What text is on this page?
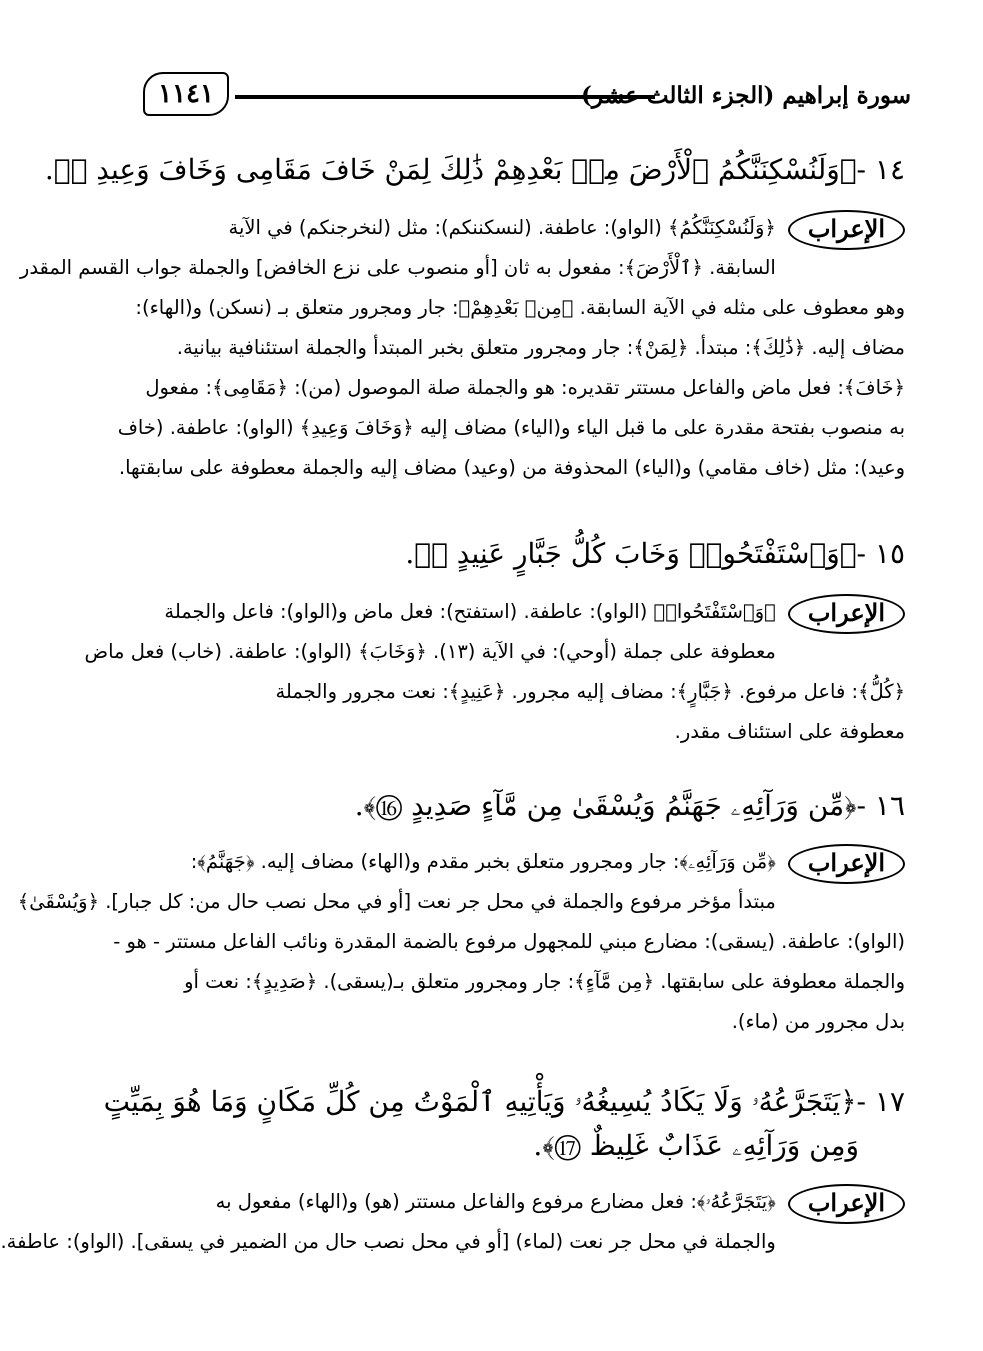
١١٤١	سورة إبراهيم (الجزء الثالث عشر)
١٤ -﴿وَلَنُسْكِنَنَّكُمُ ٱلْأَرْضَ مِنۢ بَعْدِهِمْ ذَٰلِكَ لِمَنْ خَافَ مَقَامِى وَخَافَ وَعِيدِ ⑭﴾.
الإعراب
﴿وَلَنُسْكِنَنَّكُمُ﴾ (الواو): عاطفة. (لنسكننكم): مثل (لنخرجنكم) في الآية
السابقة. ﴿ٱلْأَرْضَ﴾: مفعول به ثان [أو منصوب على نزع الخافض] والجملة جواب القسم المقدر
وهو معطوف على مثله في الآية السابقة. ﴿مِنۢ بَعْدِهِمْ﴾: جار ومجرور متعلق بـ (نسكن) و(الهاء):
مضاف إليه. ﴿ذَٰلِكَ﴾: مبتدأ. ﴿لِمَنْ﴾: جار ومجرور متعلق بخبر المبتدأ والجملة استئنافية بيانية.
﴿خَافَ﴾: فعل ماض والفاعل مستتر تقديره: هو والجملة صلة الموصول (من): ﴿مَقَامِى﴾: مفعول
به منصوب بفتحة مقدرة على ما قبل الياء و(الياء) مضاف إليه ﴿وَخَافَ وَعِيدِ﴾ (الواو): عاطفة. (خاف
وعيد): مثل (خاف مقامي) و(الياء) المحذوفة من (وعيد) مضاف إليه والجملة معطوفة على سابقتها.
١٥ -﴿وَٱسْتَفْتَحُوا۟ وَخَابَ كُلُّ جَبَّارٍ عَنِيدٍ ⑮﴾.
الإعراب
﴿وَٱسْتَفْتَحُوا۟﴾ (الواو): عاطفة. (استفتح): فعل ماض و(الواو): فاعل والجملة
معطوفة على جملة (أوحي): في الآية (١٣). ﴿وَخَابَ﴾ (الواو): عاطفة. (خاب) فعل ماض
﴿كُلُّ﴾: فاعل مرفوع. ﴿جَبَّارٍ﴾: مضاف إليه مجرور. ﴿عَنِيدٍ﴾: نعت مجرور والجملة
معطوفة على استئناف مقدر.
١٦ -﴿مِّن وَرَآئِهِۦ جَهَنَّمُ وَيُسْقَىٰ مِن مَّآءٍ صَدِيدٍ ⑯﴾.
الإعراب
﴿مِّن وَرَآئِهِۦ﴾: جار ومجرور متعلق بخبر مقدم و(الهاء) مضاف إليه. ﴿جَهَنَّمُ﴾:
مبتدأ مؤخر مرفوع والجملة في محل جر نعت [أو في محل نصب حال من: كل جبار]. ﴿وَيُسْقَىٰ﴾
(الواو): عاطفة. (يسقى): مضارع مبني للمجهول مرفوع بالضمة المقدرة ونائب الفاعل مستتر - هو -
والجملة معطوفة على سابقتها. ﴿مِن مَّآءٍ﴾: جار ومجرور متعلق بـ(يسقى). ﴿صَدِيدٍ﴾: نعت أو
بدل مجرور من (ماء).
١٧ -﴿يَتَجَرَّعُهُۥ وَلَا يَكَادُ يُسِيغُهُۥ وَيَأْتِيهِ ٱلْمَوْتُ مِن كُلِّ مَكَانٍ وَمَا هُوَ بِمَيِّتٍ
وَمِن وَرَآئِهِۦ عَذَابٌ غَلِيظٌ ⑰﴾.
الإعراب
﴿يَتَجَرَّعُهُۥ﴾: فعل مضارع مرفوع والفاعل مستتر (هو) و(الهاء) مفعول به
والجملة في محل جر نعت (لماء) [أو في محل نصب حال من الضمير في يسقى]. (الواو): عاطفة.
